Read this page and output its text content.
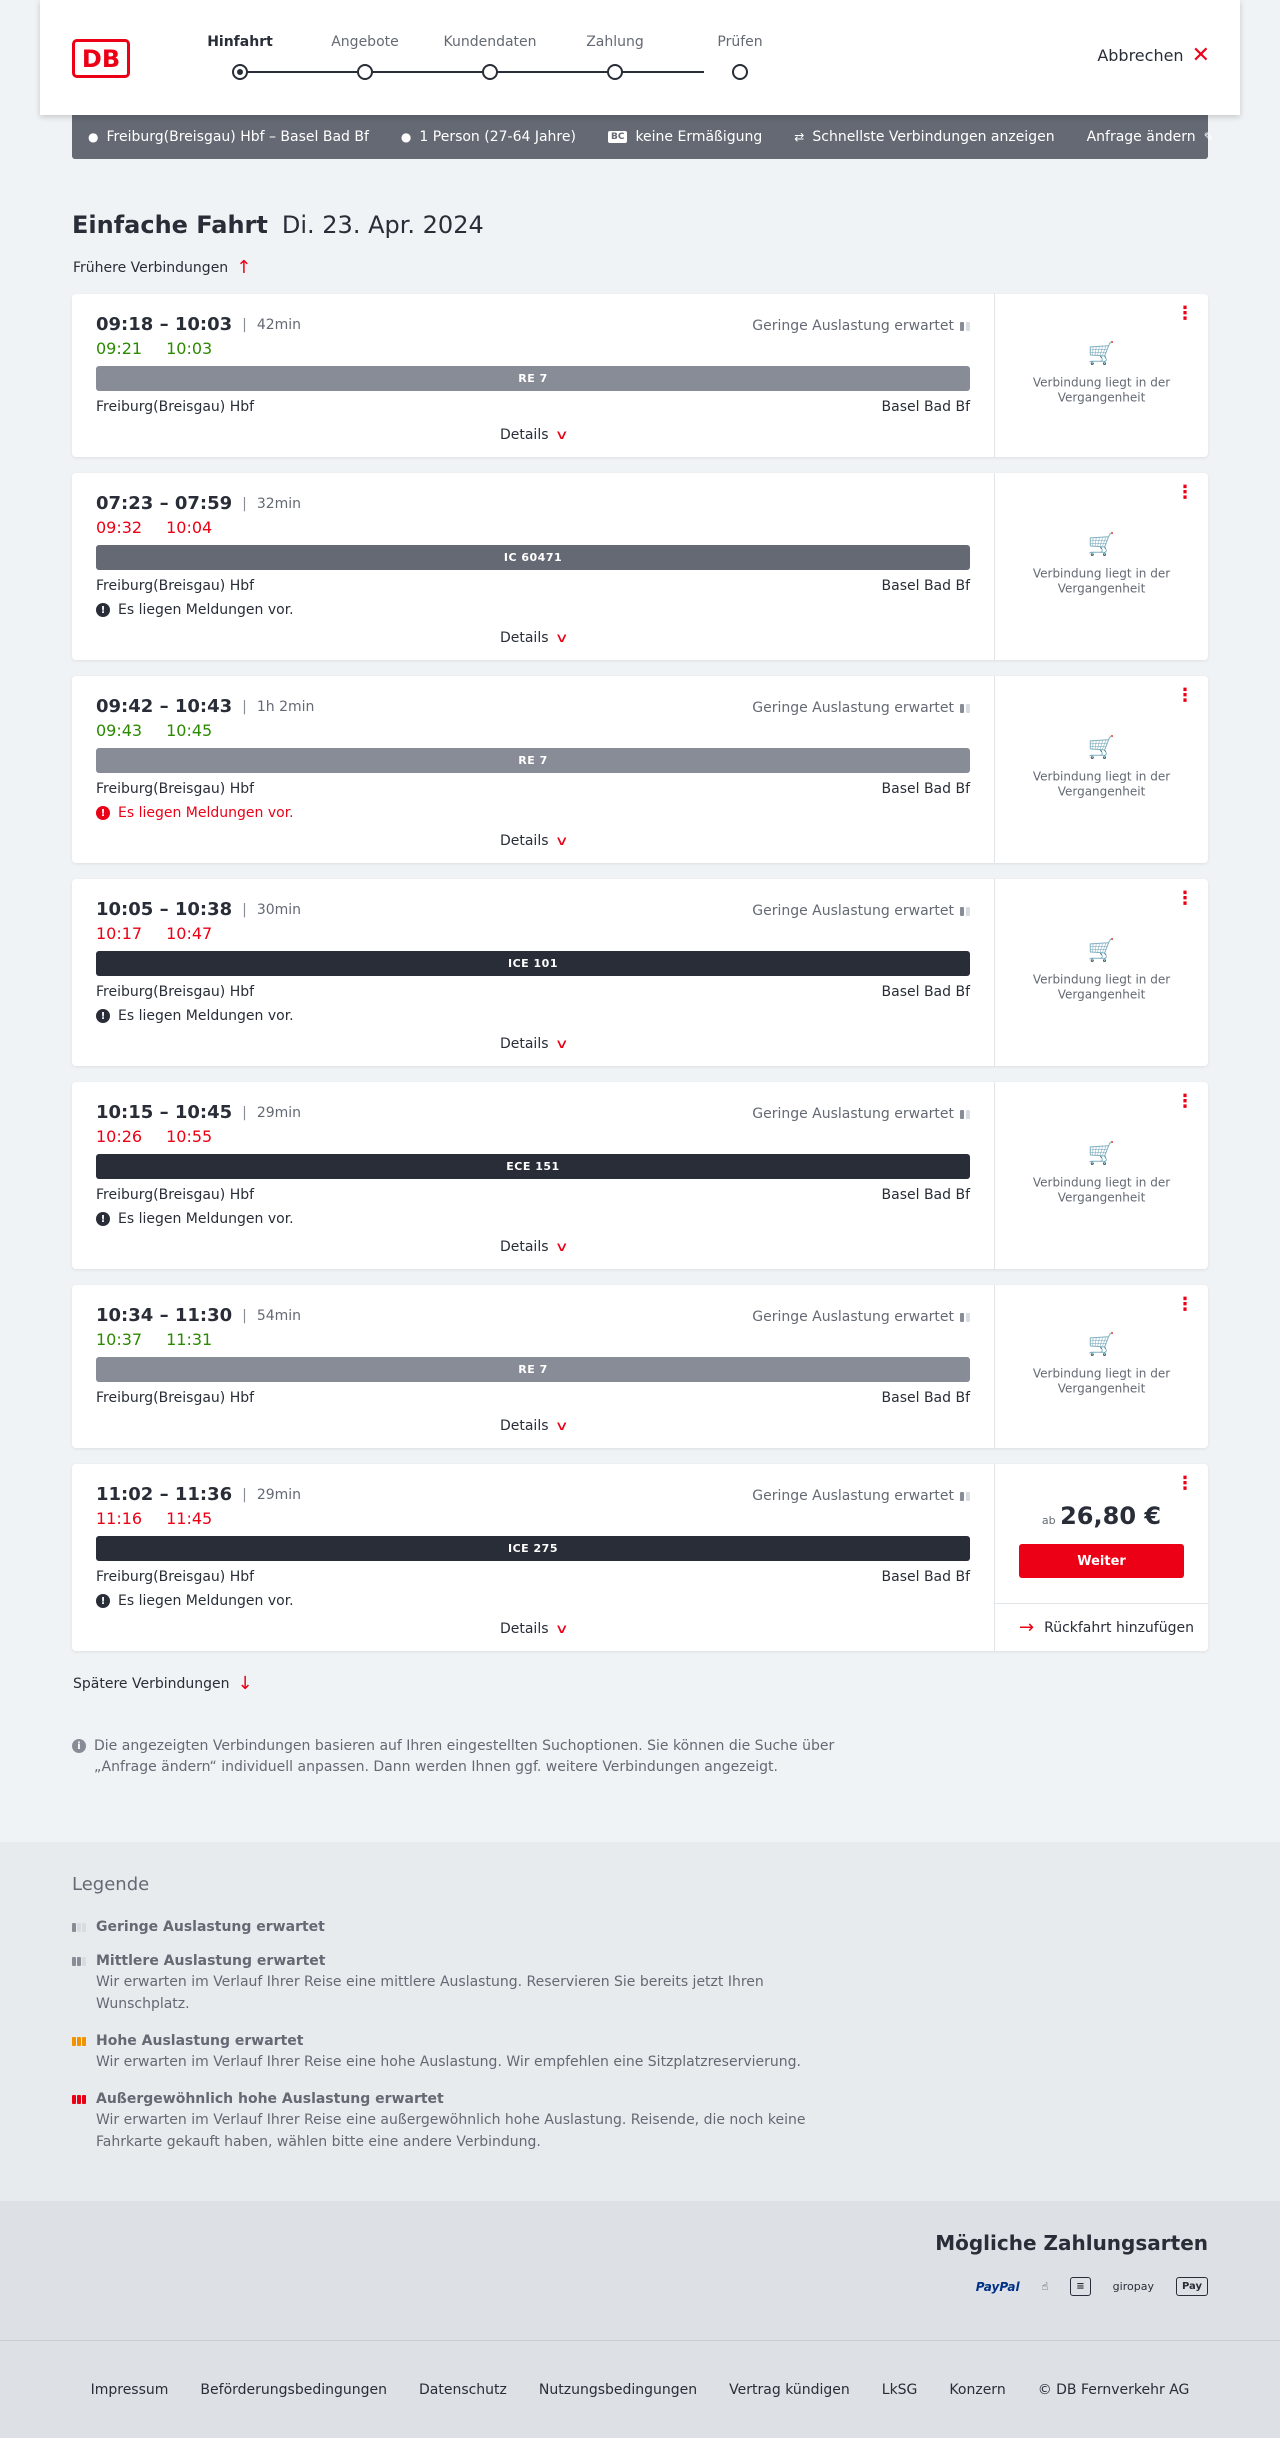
DB
Hinfahrt	Angebote	Kundendaten	Zahlung	Prüfen
Abbrechen ✕
● Freiburg(Breisgau) Hbf – Basel Bad Bf	● 1 Person (27-64 Jahre)	BC keine Ermäßigung	⇄ Schnellste Verbindungen anzeigen Anfrage ändern ✎
Einfache Fahrt Di. 23. Apr. 2024
Frühere Verbindungen ↑
09:18 – 10:03 | 42min	Geringe Auslastung erwartet
09:21 10:03
RE 7
Freiburg(Breisgau) Hbf	Basel Bad Bf
Details ∨
⋮
🛒
Verbindung liegt in der Vergangenheit
07:23 – 07:59 | 32min
09:32 10:04
IC 60471
Freiburg(Breisgau) Hbf	Basel Bad Bf
! Es liegen Meldungen vor.
Details ∨
⋮
🛒
Verbindung liegt in der Vergangenheit
09:42 – 10:43 | 1h 2min	Geringe Auslastung erwartet
09:43 10:45
RE 7
Freiburg(Breisgau) Hbf	Basel Bad Bf
! Es liegen Meldungen vor.
Details ∨
⋮
🛒
Verbindung liegt in der Vergangenheit
10:05 – 10:38 | 30min	Geringe Auslastung erwartet
10:17 10:47
ICE 101
Freiburg(Breisgau) Hbf	Basel Bad Bf
! Es liegen Meldungen vor.
Details ∨
⋮
🛒
Verbindung liegt in der Vergangenheit
10:15 – 10:45 | 29min	Geringe Auslastung erwartet
10:26 10:55
ECE 151
Freiburg(Breisgau) Hbf	Basel Bad Bf
! Es liegen Meldungen vor.
Details ∨
⋮
🛒
Verbindung liegt in der Vergangenheit
10:34 – 11:30 | 54min	Geringe Auslastung erwartet
10:37 11:31
RE 7
Freiburg(Breisgau) Hbf	Basel Bad Bf
Details ∨
⋮
🛒
Verbindung liegt in der Vergangenheit
11:02 – 11:36 | 29min	Geringe Auslastung erwartet
11:16 11:45
ICE 275
Freiburg(Breisgau) Hbf	Basel Bad Bf
! Es liegen Meldungen vor.
Details ∨
⋮
ab 26,80 €
Weiter
→ Rückfahrt hinzufügen
Spätere Verbindungen ↓
i Die angezeigten Verbindungen basieren auf Ihren eingestellten Suchoptionen. Sie können die Suche über „Anfrage ändern“ individuell anpassen. Dann werden Ihnen ggf. weitere Verbindungen angezeigt.
Legende
Geringe Auslastung erwartet
Mittlere Auslastung erwartet
Wir erwarten im Verlauf Ihrer Reise eine mittlere Auslastung. Reservieren Sie bereits jetzt Ihren Wunschplatz.
Hohe Auslastung erwartet
Wir erwarten im Verlauf Ihrer Reise eine hohe Auslastung. Wir empfehlen eine Sitzplatzreservierung.
Außergewöhnlich hohe Auslastung erwartet
Wir erwarten im Verlauf Ihrer Reise eine außergewöhnlich hohe Auslastung. Reisende, die noch keine Fahrkarte gekauft haben, wählen bitte eine andere Verbindung.
Mögliche Zahlungsarten
PayPal ☝	≡	giropay	Pay
Impressum Beförderungsbedingungen Datenschutz Nutzungsbedingungen Vertrag kündigen LkSG Konzern © DB Fernverkehr AG
